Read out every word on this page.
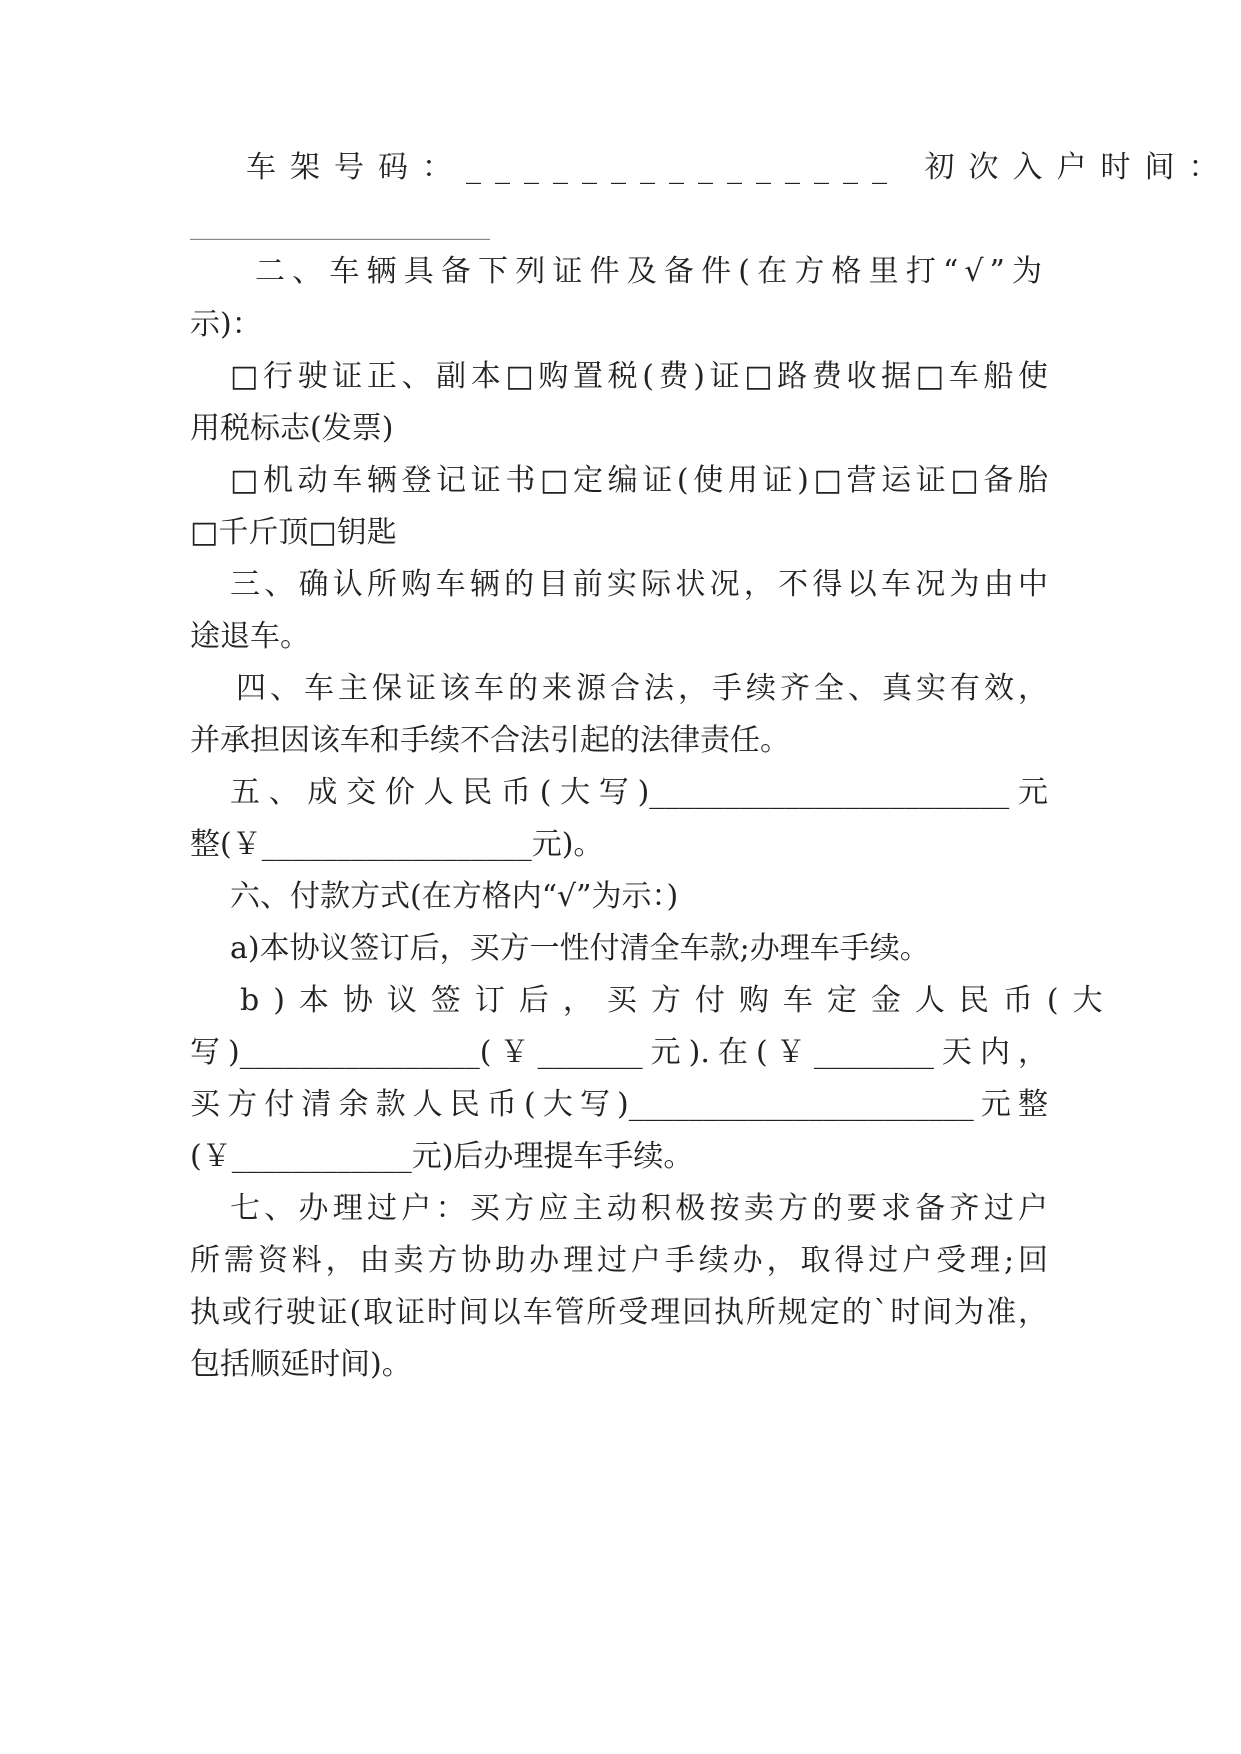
车架号码：_______________ 初次入户时间：
____________________
二、车辆具备下列证件及备件(在方格里打“√”为
示)：
□行驶证正、副本□购置税(费)证□路费收据□车船使
用税标志(发票)
□机动车辆登记证书□定编证(使用证)□营运证□备胎
□千斤顶□钥匙
三、确认所购车辆的目前实际状况，不得以车况为由中
途退车。
四、车主保证该车的来源合法，手续齐全、真实有效，
并承担因该车和手续不合法引起的法律责任。
五、成交价人民币(大写)________________________元
整(￥__________________元)。
六、付款方式(在方格内“√”为示：)
a)本协议签订后，买方一性付清全车款;办理车手续。
b)本协议签订后，买方付购车定金人民币(大
写)________________(￥_______元).在(￥________天内，
买方付清余款人民币(大写)_______________________元整
(￥____________元)后办理提车手续。
七、办理过户：买方应主动积极按卖方的要求备齐过户
所需资料，由卖方协助办理过户手续办，取得过户受理;回
执或行驶证(取证时间以车管所受理回执所规定的`时间为准，
包括顺延时间)。
